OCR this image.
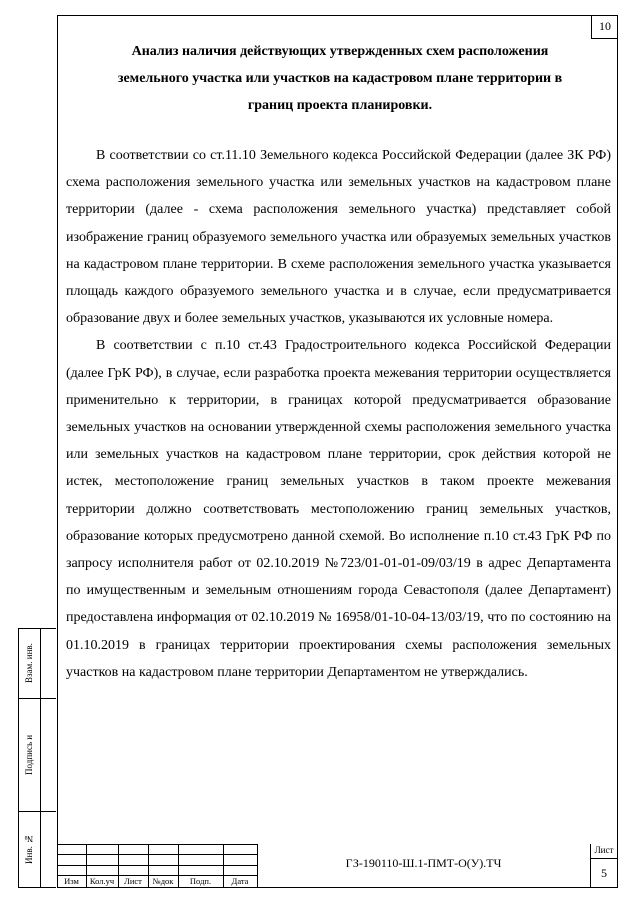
10
Анализ наличия действующих утвержденных схем расположения
земельного участка или участков на кадастровом плане территории в
границ проекта планировки.

В соответствии со ст.11.10 Земельного кодекса Российской Федерации (далее ЗК РФ) схема расположения земельного участка или земельных участков на кадастровом плане территории (далее - схема расположения земельного участка) представляет собой изображение границ образуемого земельного участка или образуемых земельных участков на кадастровом плане территории. В схеме расположения земельного участка указывается площадь каждого образуемого земельного участка и в случае, если предусматривается образование двух и более земельных участков, указываются их условные номера.

В соответствии с п.10 ст.43 Градостроительного кодекса Российской Федерации (далее ГрК РФ), в случае, если разработка проекта межевания территории осуществляется применительно к территории, в границах которой предусматривается образование земельных участков на основании утвержденной схемы расположения земельного участка или земельных участков на кадастровом плане территории, срок действия которой не истек, местоположение границ земельных участков в таком проекте межевания территории должно соответствовать местоположению границ земельных участков, образование которых предусмотрено данной схемой. Во исполнение п.10 ст.43 ГрК РФ по запросу исполнителя работ от 02.10.2019 №723/01-01-01-09/03/19 в адрес Департамента по имущественным и земельным отношениям города Севастополя (далее Департамент) предоставлена информация от 02.10.2019 № 16958/01-10-04-13/03/19, что по состоянию на 01.10.2019 в границах территории проектирования схемы расположения земельных участков на кадастровом плане территории Департаментом не утверждались.

Взам. инв.
Подпись и
Инв. №
Изм	Кол.уч	Лист	№док	Подп.	Дата
ГЗ-190110-Ш.1-ПМТ-О(У).ТЧ
Лист
5
